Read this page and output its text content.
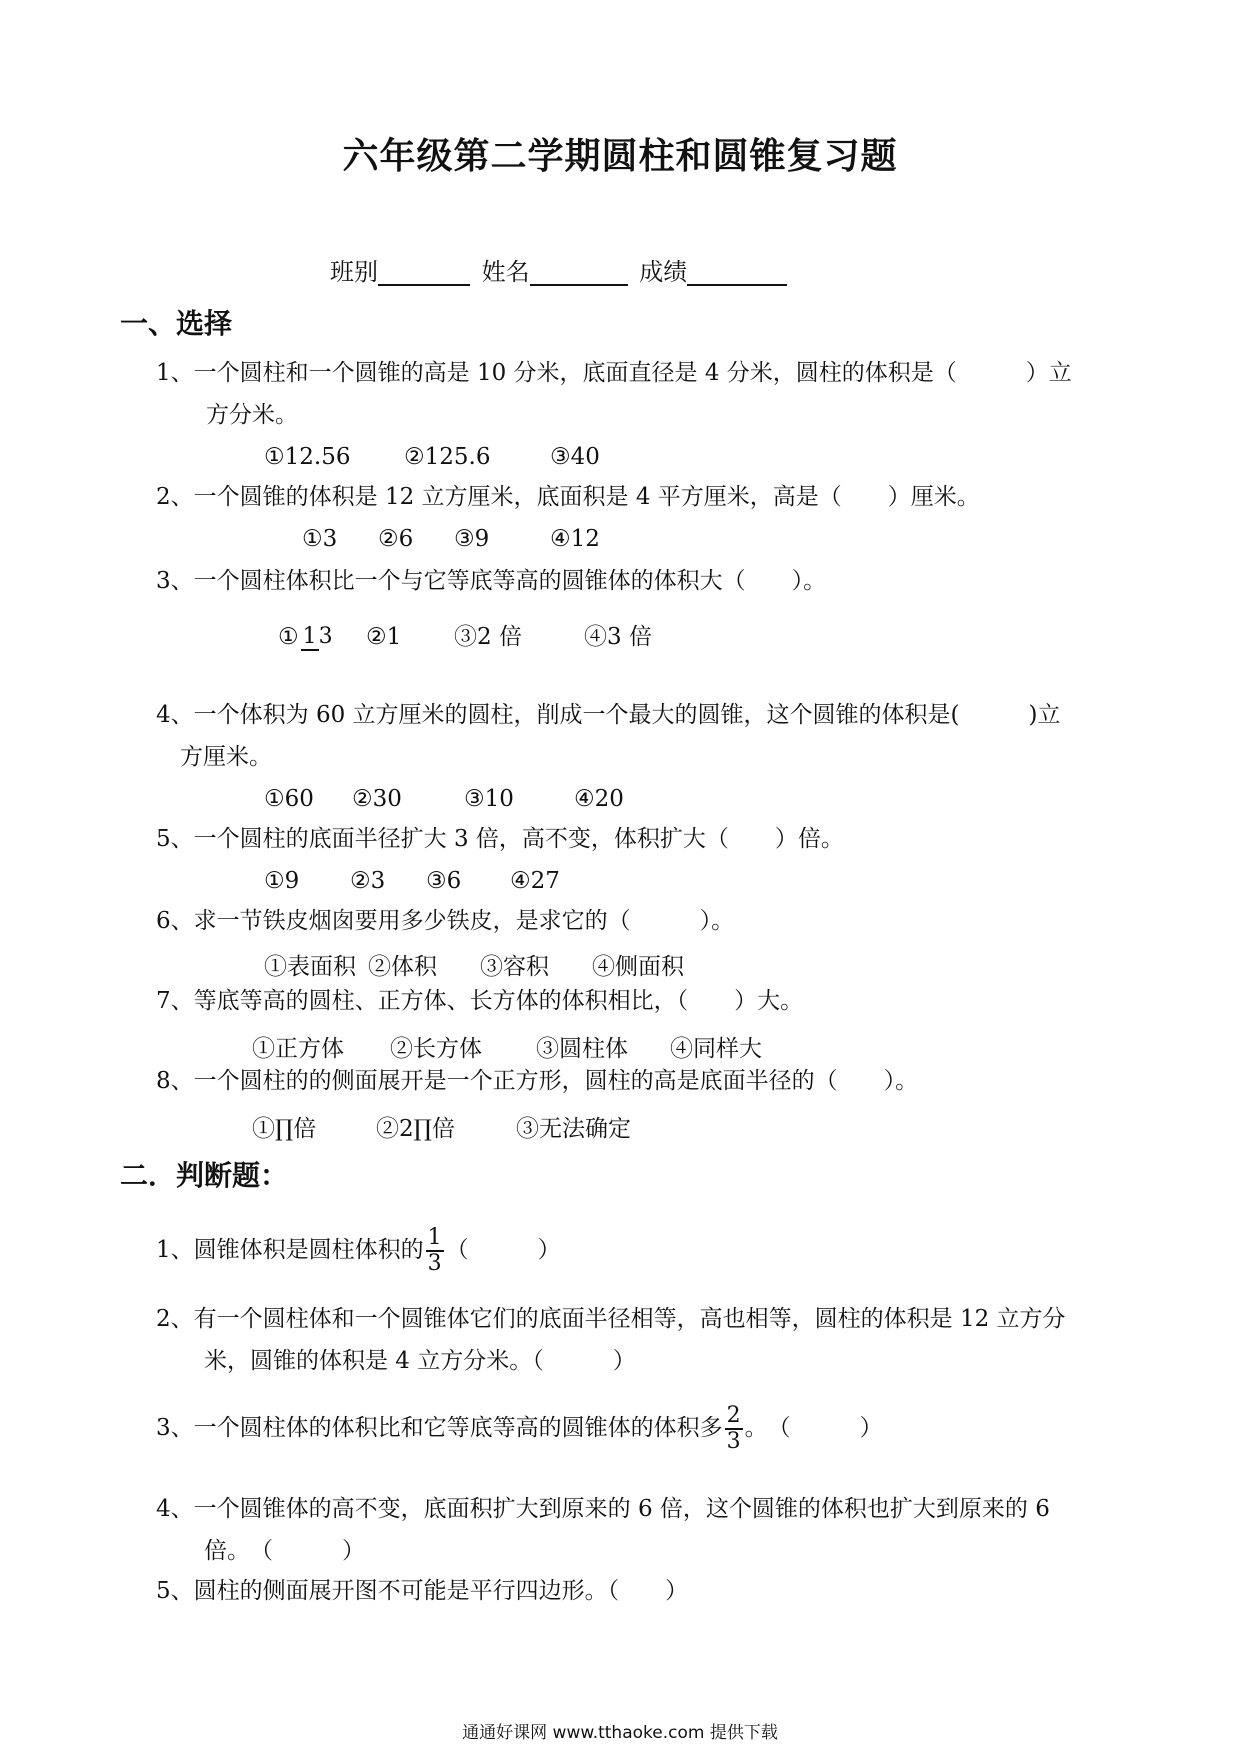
六年级第二学期圆柱和圆锥复习题
班别	姓名	成绩
一、选择
1、一个圆柱和一个圆锥的高是 10 分米，底面直径是 4 分米，圆柱的体积是（　　　）立
方分米。
①12.56 ②125.6	③40
2、一个圆锥的体积是 12 立方厘米，底面积是 4 平方厘米，高是（　　）厘米。
①3 ②6 ③9	④12
3、一个圆柱体积比一个与它等底等高的圆锥体的体积大（　　）。
① 13 ②1 ③2 倍	④3 倍
4、一个体积为 60 立方厘米的圆柱，削成一个最大的圆锥，这个圆锥的体积是(　　　)立
方厘米。
①60 ②30	③10	④20
5、一个圆柱的底面半径扩大 3 倍，高不变，体积扩大（　　）倍。
①9 ②3 ③6 ④27
6、求一节铁皮烟囱要用多少铁皮，是求它的（　　　）。
①表面积 ②体积 ③容积 ④侧面积
7、等底等高的圆柱、正方体、长方体的体积相比，（　　）大。
①正方体 ②长方体 ③圆柱体 ④同样大
8、一个圆柱的的侧面展开是一个正方形，圆柱的高是底面半径的（　　）。
①∏倍	②2∏倍	③无法确定
二．判断题：
1、圆锥体积是圆柱体积的 $\frac{1}{3}$ （　　　）
2、有一个圆柱体和一个圆锥体它们的底面半径相等，高也相等，圆柱的体积是 12 立方分
米，圆锥的体积是 4 立方分米。（　　　）
3、一个圆柱体的体积比和它等底等高的圆锥体的体积多 $\frac{2}{3}$ 。　（　　　）
4、一个圆锥体的高不变，底面积扩大到原来的 6 倍，这个圆锥的体积也扩大到原来的 6
倍。　（　　　）
5、圆柱的侧面展开图不可能是平行四边形。（　　）
通通好课网 www.tthaoke.com 提供下载
